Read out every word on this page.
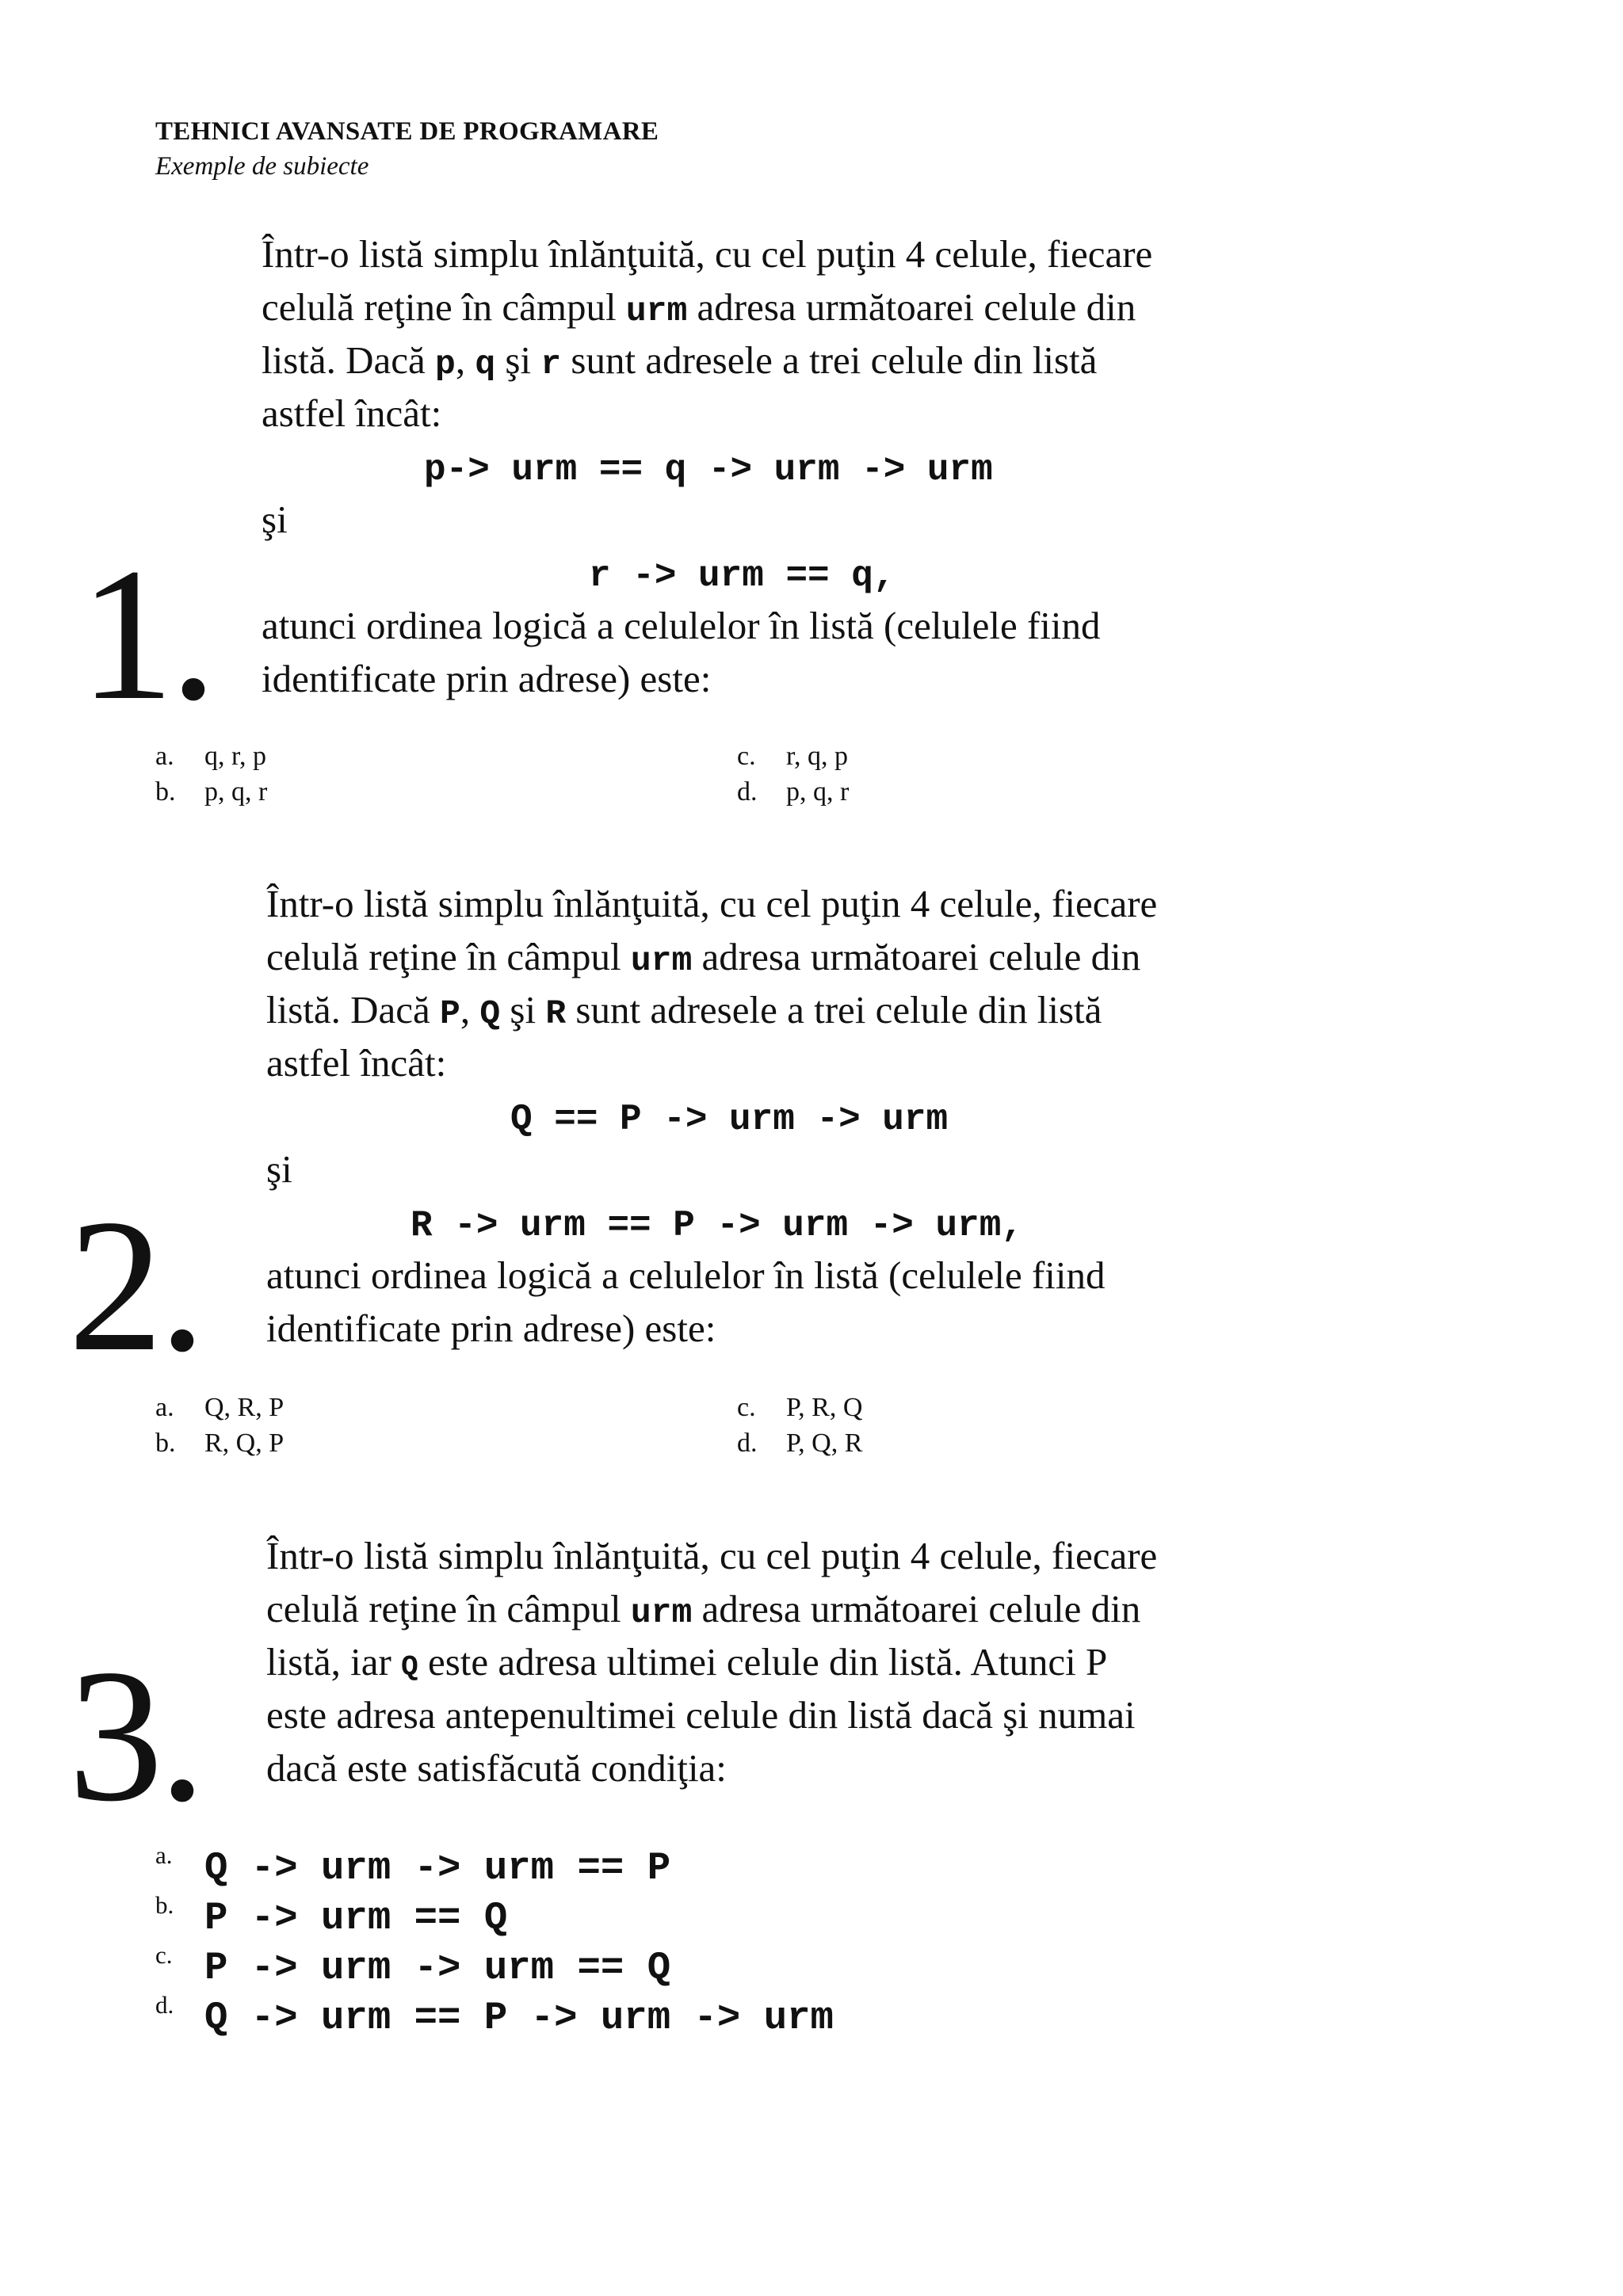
TEHNICI AVANSATE DE PROGRAMARE
Exemple de subiecte
1.
Într-o listă simplu înlănţuită, cu cel puţin 4 celule, fiecare
celulă reţine în câmpul urm adresa următoarei celule din
listă. Dacă p, q şi r sunt adresele a trei celule din listă
astfel încât:
p-> urm == q -> urm -> urm
şi
r -> urm == q,
atunci ordinea logică a celulelor în listă (celulele fiind
identificate prin adrese) este:
a. q, r, p
b. p, q, r
c. r, q, p
d. p, q, r
2.
Într-o listă simplu înlănţuită, cu cel puţin 4 celule, fiecare
celulă reţine în câmpul urm adresa următoarei celule din
listă. Dacă P, Q şi R sunt adresele a trei celule din listă
astfel încât:
Q == P -> urm -> urm
şi
R -> urm == P -> urm -> urm,
atunci ordinea logică a celulelor în listă (celulele fiind
identificate prin adrese) este:
a. Q, R, P
b. R, Q, P
c. P, R, Q
d. P, Q, R
3.
Într-o listă simplu înlănţuită, cu cel puţin 4 celule, fiecare
celulă reţine în câmpul urm adresa următoarei celule din
listă, iar Q este adresa ultimei celule din listă. Atunci P
este adresa antepenultimei celule din listă dacă şi numai
dacă este satisfăcută condiţia:
a. Q -> urm -> urm == P
b. P -> urm == Q
c. P -> urm -> urm == Q
d. Q -> urm == P -> urm -> urm
